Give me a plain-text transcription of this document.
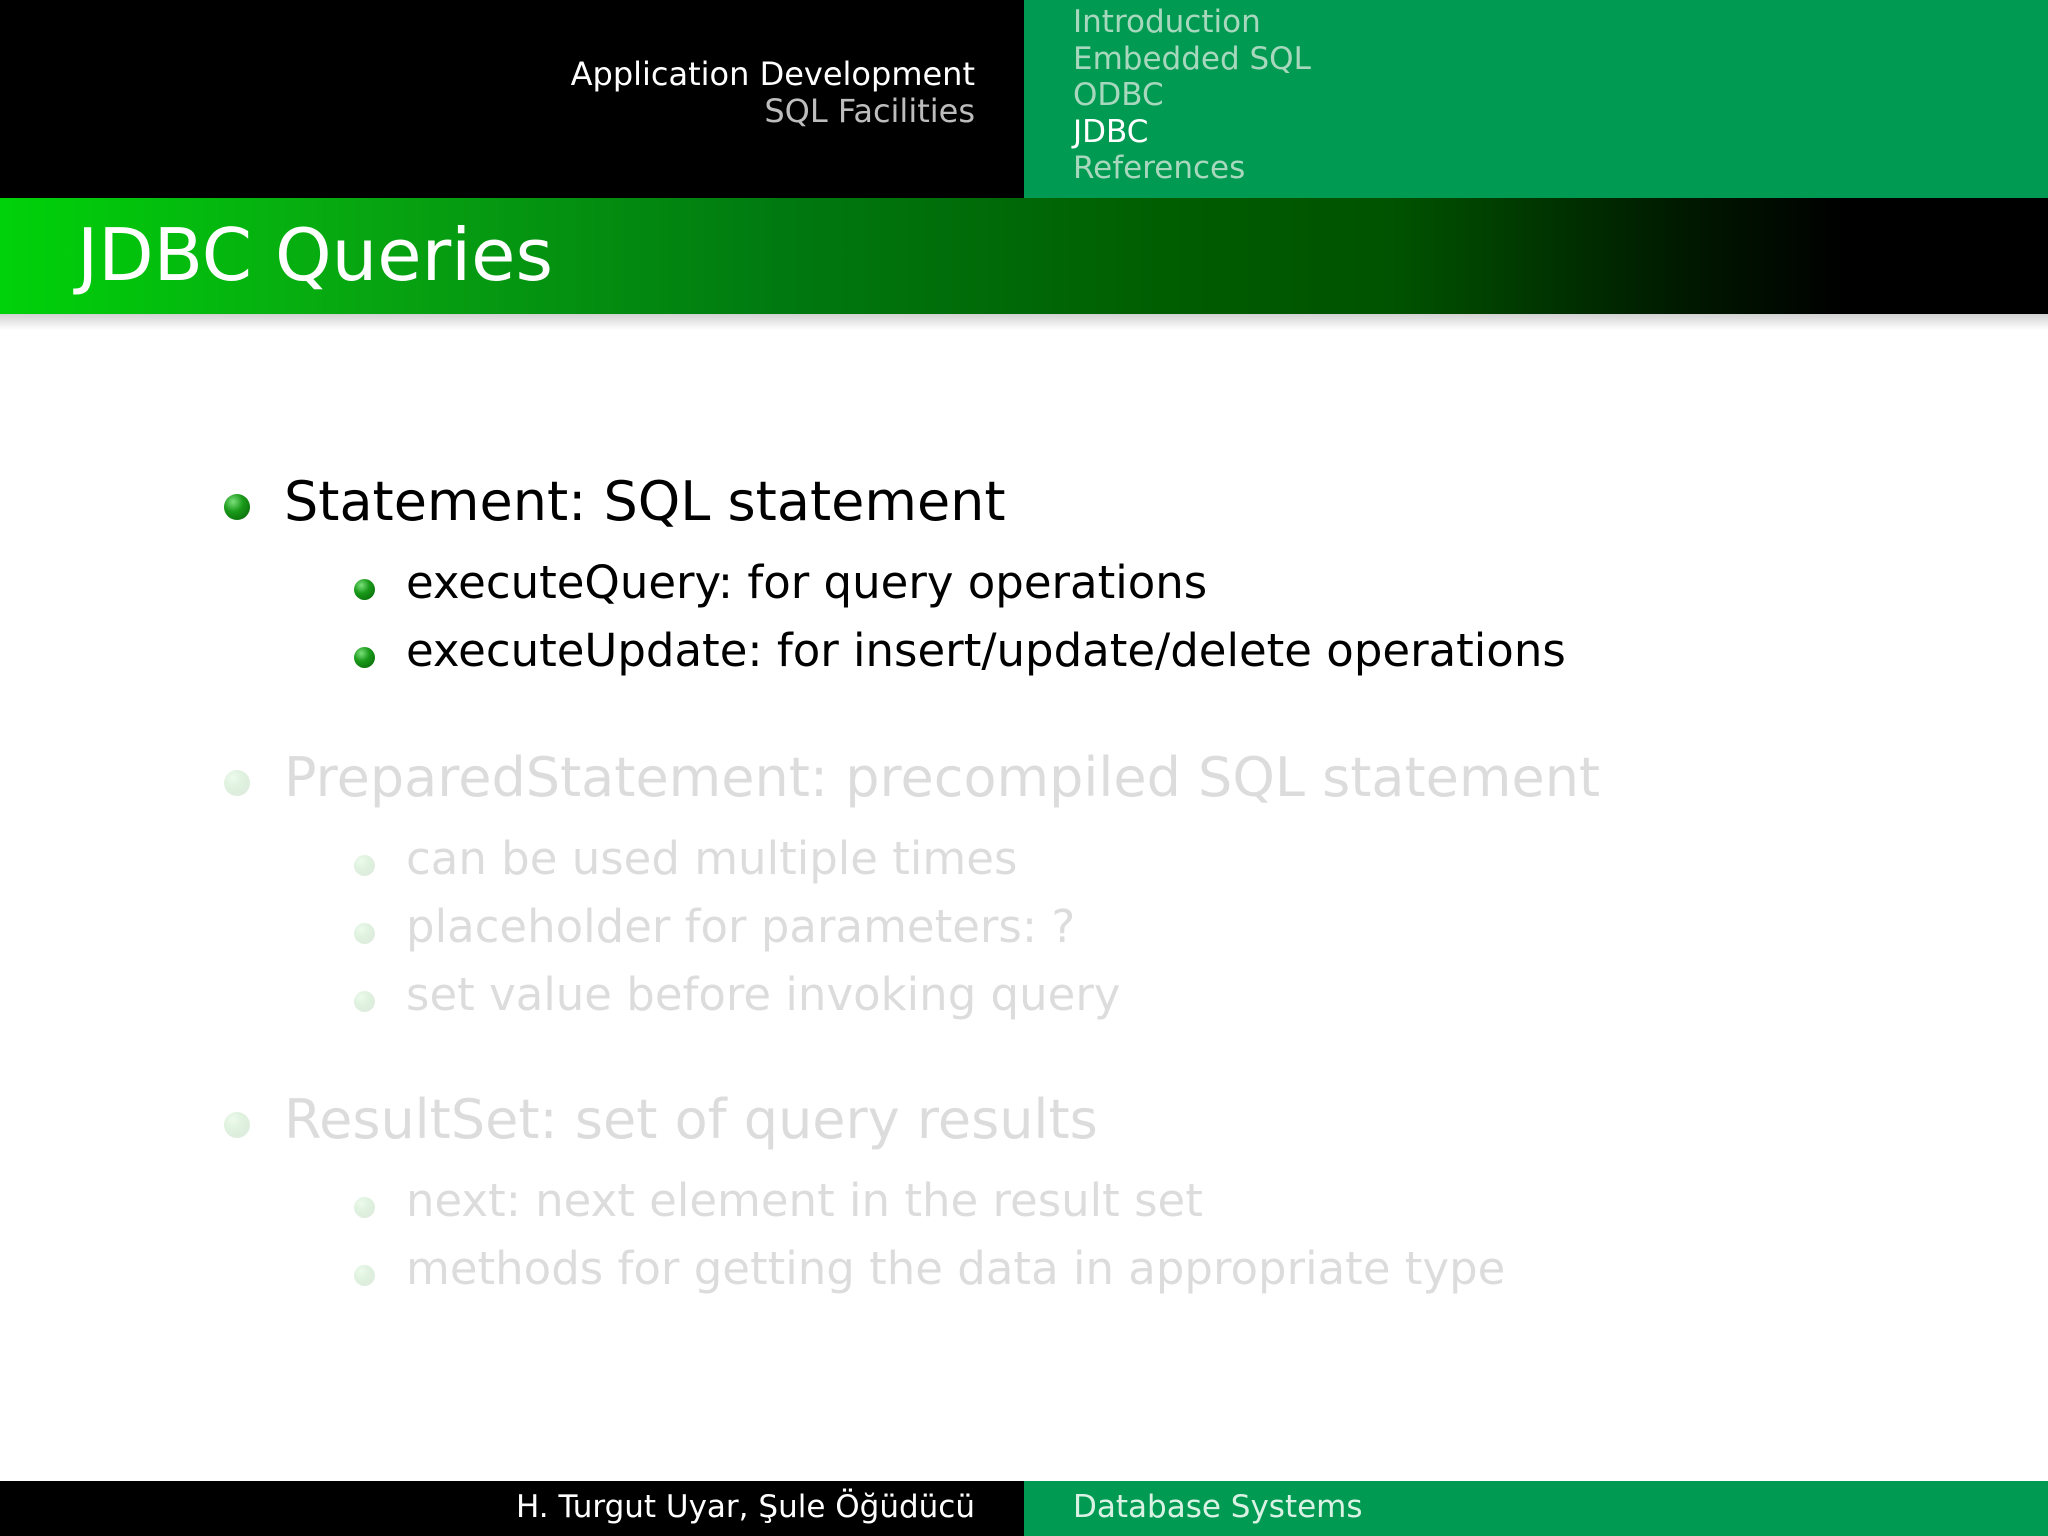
Application Development
SQL Facilities
Introduction
Embedded SQL
ODBC
JDBC
References
JDBC Queries
Statement: SQL statement
executeQuery: for query operations
executeUpdate: for insert/update/delete operations
PreparedStatement: precompiled SQL statement
can be used multiple times
placeholder for parameters: ?
set value before invoking query
ResultSet: set of query results
next: next element in the result set
methods for getting the data in appropriate type
H. Turgut Uyar, Şule Öğüdücü	Database Systems
